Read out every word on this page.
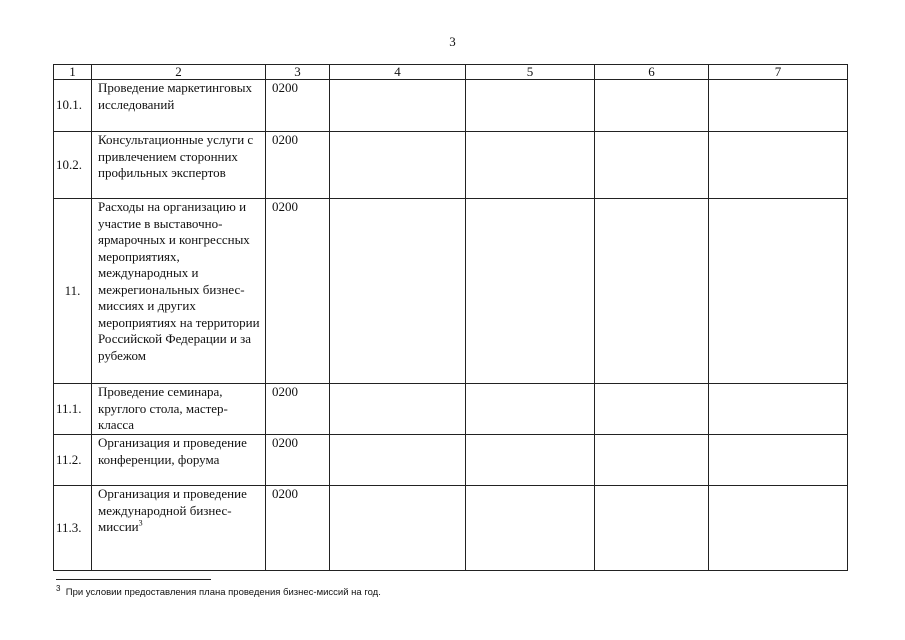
3
1	2	3	4	5	6	7
10.1.	Проведение маркетинговых исследований	0200				
10.2.	Консультационные услуги с привлечением сторонних профильных экспертов	0200				
11.	Расходы на организацию и участие в выставочно-ярмарочных и конгрессных мероприятиях, международных и межрегиональных бизнес-миссиях и других мероприятиях на территории Российской Федерации и за рубежом	0200				
11.1.	Проведение семинара, круглого стола, мастер-класса	0200				
11.2.	Организация и проведение конференции, форума	0200				
11.3.	Организация и проведение международной бизнес-миссии$^3$	0200				
$^3$ При условии предоставления плана проведения бизнес-миссий на год.
